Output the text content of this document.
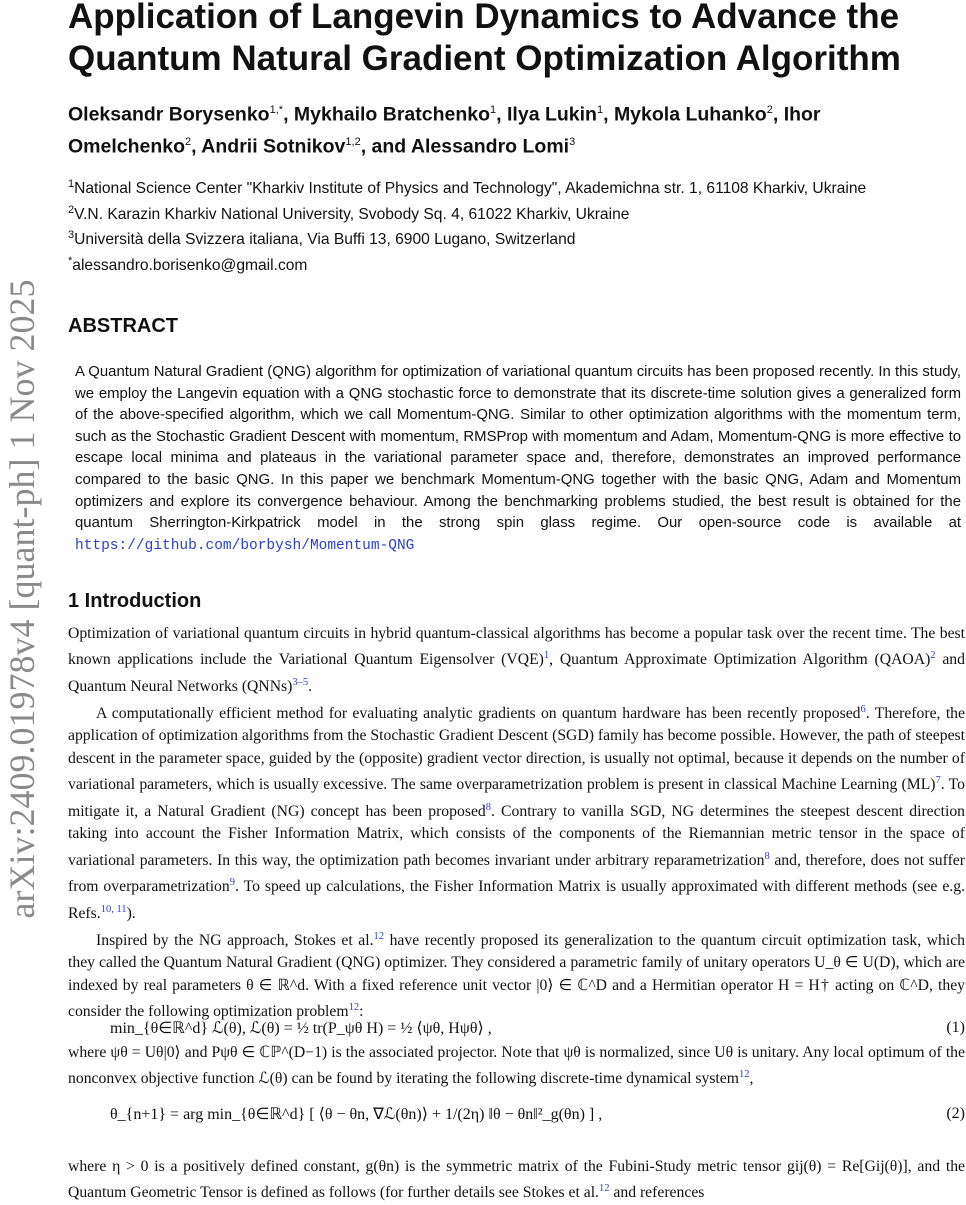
arXiv:2409.01978v4 [quant-ph] 1 Nov 2025
Application of Langevin Dynamics to Advance the Quantum Natural Gradient Optimization Algorithm
Oleksandr Borysenko$^{1,*}$, Mykhailo Bratchenko$^1$, Ilya Lukin$^1$, Mykola Luhanko$^2$, Ihor Omelchenko$^2$, Andrii Sotnikov$^{1,2}$, and Alessandro Lomi$^3$
$^1$National Science Center "Kharkiv Institute of Physics and Technology", Akademichna str. 1, 61108 Kharkiv, Ukraine
$^2$V.N. Karazin Kharkiv National University, Svobody Sq. 4, 61022 Kharkiv, Ukraine
$^3$Università della Svizzera italiana, Via Buffi 13, 6900 Lugano, Switzerland
*alessandro.borisenko@gmail.com
ABSTRACT
A Quantum Natural Gradient (QNG) algorithm for optimization of variational quantum circuits has been proposed recently. In this study, we employ the Langevin equation with a QNG stochastic force to demonstrate that its discrete-time solution gives a generalized form of the above-specified algorithm, which we call Momentum-QNG. Similar to other optimization algorithms with the momentum term, such as the Stochastic Gradient Descent with momentum, RMSProp with momentum and Adam, Momentum-QNG is more effective to escape local minima and plateaus in the variational parameter space and, therefore, demonstrates an improved performance compared to the basic QNG. In this paper we benchmark Momentum-QNG together with the basic QNG, Adam and Momentum optimizers and explore its convergence behaviour. Among the benchmarking problems studied, the best result is obtained for the quantum Sherrington-Kirkpatrick model in the strong spin glass regime. Our open-source code is available at https://github.com/borbysh/Momentum-QNG
1 Introduction

Optimization of variational quantum circuits in hybrid quantum-classical algorithms has become a popular task over the recent time. The best known applications include the Variational Quantum Eigensolver (VQE)$^1$, Quantum Approximate Optimization Algorithm (QAOA)$^2$ and Quantum Neural Networks (QNNs)$^{3-5}$.

A computationally efficient method for evaluating analytic gradients on quantum hardware has been recently proposed$^6$. Therefore, the application of optimization algorithms from the Stochastic Gradient Descent (SGD) family has become possible. However, the path of steepest descent in the parameter space, guided by the (opposite) gradient vector direction, is usually not optimal, because it depends on the number of variational parameters, which is usually excessive. The same overparametrization problem is present in classical Machine Learning (ML)$^7$. To mitigate it, a Natural Gradient (NG) concept has been proposed$^8$. Contrary to vanilla SGD, NG determines the steepest descent direction taking into account the Fisher Information Matrix, which consists of the components of the Riemannian metric tensor in the space of variational parameters. In this way, the optimization path becomes invariant under arbitrary reparametrization$^8$ and, therefore, does not suffer from overparametrization$^9$. To speed up calculations, the Fisher Information Matrix is usually approximated with different methods (see e.g. Refs.$^{10, 11}$).

Inspired by the NG approach, Stokes et al.$^{12}$ have recently proposed its generalization to the quantum circuit optimization task, which they called the Quantum Natural Gradient (QNG) optimizer. They considered a parametric family of unitary operators U_θ ∈ U(D), which are indexed by real parameters θ ∈ ℝ^d. With a fixed reference unit vector |0⟩ ∈ ℂ^D and a Hermitian operator H = H† acting on ℂ^D, they consider the following optimization problem$^{12}$:

min_{θ∈ℝ^d} ℒ(θ), ℒ(θ) = ½ tr(P_ψθ H) = ½ ⟨ψθ, Hψθ⟩ ,	(1)

where ψθ = Uθ|0⟩ and Pψθ ∈ ℂℙ^(D−1) is the associated projector. Note that ψθ is normalized, since Uθ is unitary. Any local optimum of the nonconvex objective function ℒ(θ) can be found by iterating the following discrete-time dynamical system$^{12}$,

θ_{n+1} = arg min_{θ∈ℝ^d} [ ⟨θ − θn, ∇ℒ(θn)⟩ + 1/(2η) ‖θ − θn‖²_g(θn) ] ,	(2)

where η > 0 is a positively defined constant, g(θn) is the symmetric matrix of the Fubini-Study metric tensor gij(θ) = Re[Gij(θ)], and the Quantum Geometric Tensor is defined as follows (for further details see Stokes et al.$^{12}$ and references
